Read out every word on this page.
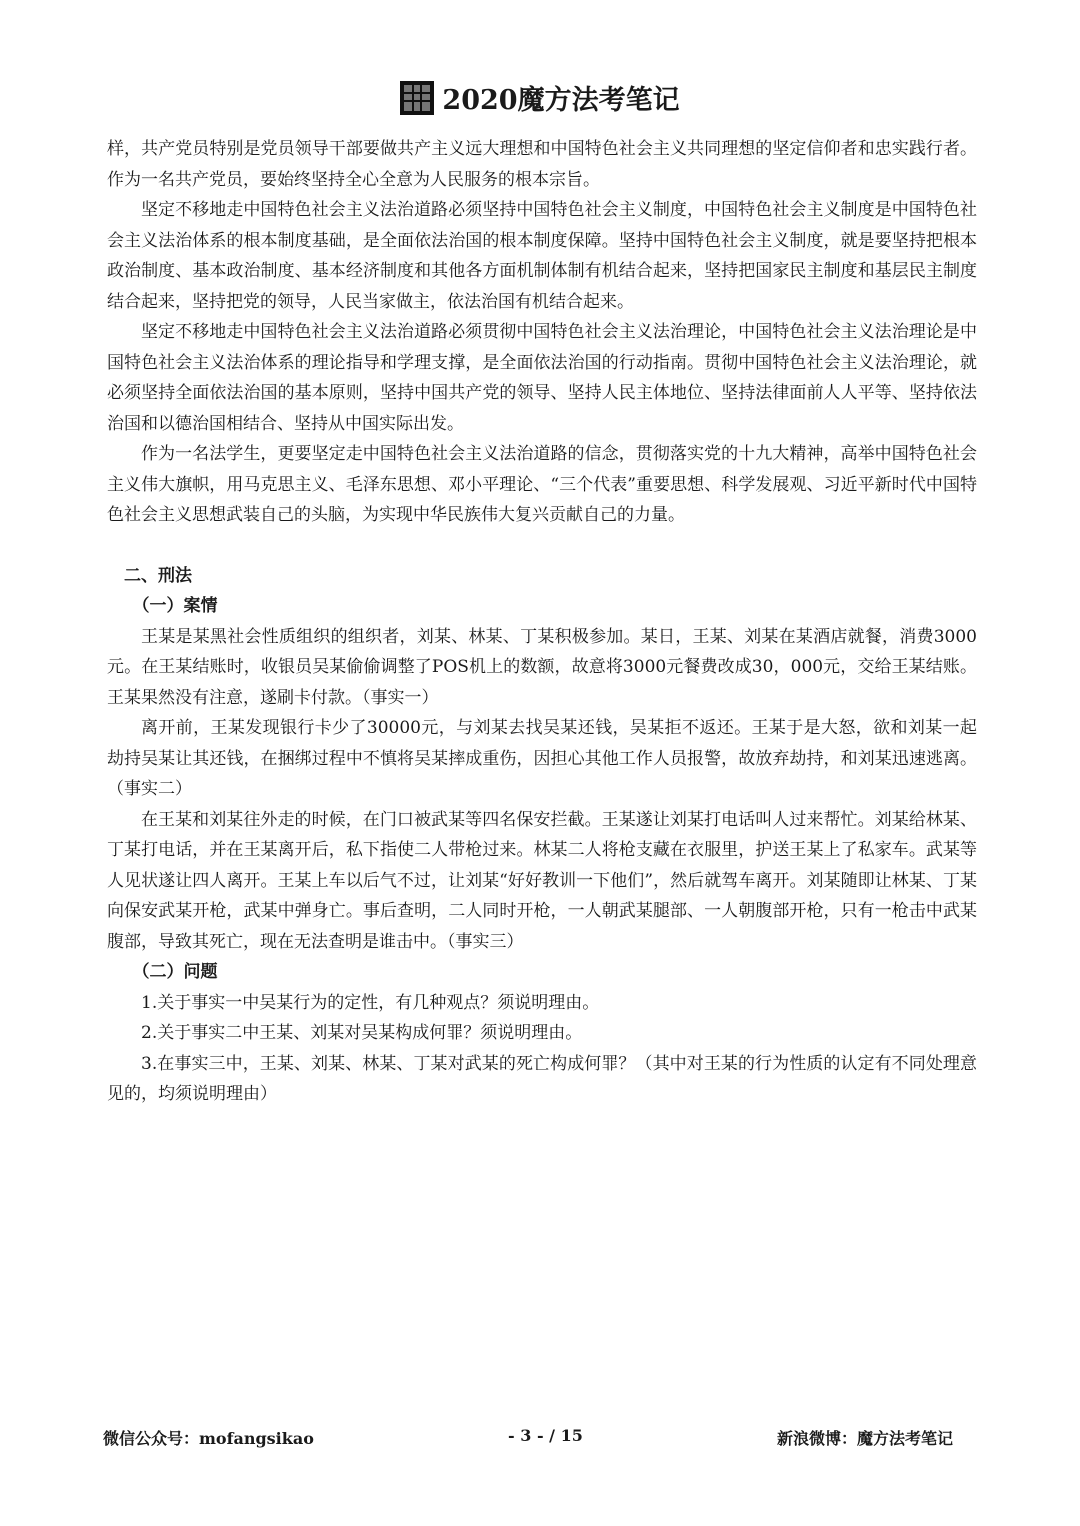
2020魔方法考笔记

样，共产党员特别是党员领导干部要做共产主义远大理想和中国特色社会主义共同理想的坚定信仰者和忠实践行者。作为一名共产党员，要始终坚持全心全意为人民服务的根本宗旨。

坚定不移地走中国特色社会主义法治道路必须坚持中国特色社会主义制度，中国特色社会主义制度是中国特色社会主义法治体系的根本制度基础，是全面依法治国的根本制度保障。坚持中国特色社会主义制度，就是要坚持把根本政治制度、基本政治制度、基本经济制度和其他各方面机制体制有机结合起来，坚持把国家民主制度和基层民主制度结合起来，坚持把党的领导，人民当家做主，依法治国有机结合起来。

坚定不移地走中国特色社会主义法治道路必须贯彻中国特色社会主义法治理论，中国特色社会主义法治理论是中国特色社会主义法治体系的理论指导和学理支撑，是全面依法治国的行动指南。贯彻中国特色社会主义法治理论，就必须坚持全面依法治国的基本原则，坚持中国共产党的领导、坚持人民主体地位、坚持法律面前人人平等、坚持依法治国和以德治国相结合、坚持从中国实际出发。

作为一名法学生，更要坚定走中国特色社会主义法治道路的信念，贯彻落实党的十九大精神，高举中国特色社会主义伟大旗帜，用马克思主义、毛泽东思想、邓小平理论、“三个代表”重要思想、科学发展观、习近平新时代中国特色社会主义思想武装自己的头脑，为实现中华民族伟大复兴贡献自己的力量。

二、刑法

（一）案情

王某是某黑社会性质组织的组织者，刘某、林某、丁某积极参加。某日，王某、刘某在某酒店就餐，消费3000元。在王某结账时，收银员吴某偷偷调整了POS机上的数额，故意将3000元餐费改成30，000元，交给王某结账。王某果然没有注意，遂刷卡付款。（事实一）

离开前，王某发现银行卡少了30000元，与刘某去找吴某还钱，吴某拒不返还。王某于是大怒，欲和刘某一起劫持吴某让其还钱，在捆绑过程中不慎将吴某摔成重伤，因担心其他工作人员报警，故放弃劫持，和刘某迅速逃离。（事实二）

在王某和刘某往外走的时候，在门口被武某等四名保安拦截。王某遂让刘某打电话叫人过来帮忙。刘某给林某、丁某打电话，并在王某离开后，私下指使二人带枪过来。林某二人将枪支藏在衣服里，护送王某上了私家车。武某等人见状遂让四人离开。王某上车以后气不过，让刘某“好好教训一下他们”，然后就驾车离开。刘某随即让林某、丁某向保安武某开枪，武某中弹身亡。事后查明，二人同时开枪，一人朝武某腿部、一人朝腹部开枪，只有一枪击中武某腹部，导致其死亡，现在无法查明是谁击中。（事实三）

（二）问题

1.关于事实一中吴某行为的定性，有几种观点？须说明理由。

2.关于事实二中王某、刘某对吴某构成何罪？须说明理由。

3.在事实三中，王某、刘某、林某、丁某对武某的死亡构成何罪？（其中对王某的行为性质的认定有不同处理意见的，均须说明理由）

微信公众号：mofangsikao	- 3 - / 15	新浪微博：魔方法考笔记
